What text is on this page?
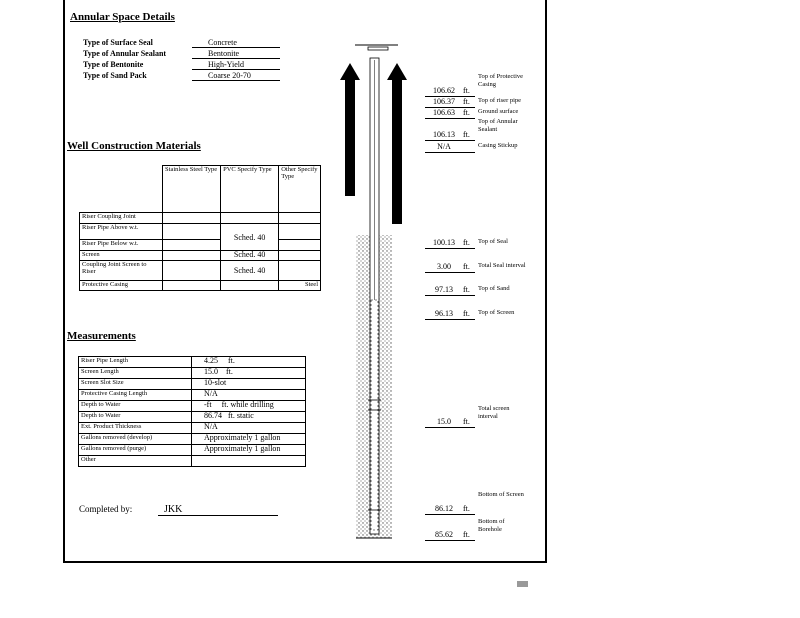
Annular Space Details
Type of Surface Seal	Concrete
Type of Annular Sealant	Bentonite
Type of Bentonite	High-Yield
Type of Sand Pack	Coarse 20-70
Well Construction Materials
	Stainless Steel Type	PVC Specify Type	Other Specify Type
Riser Coupling Joint			
Riser Pipe Above w.t.		Sched. 40	
Riser Pipe Below w.t.			
Screen		Sched. 40	
Coupling Joint Screen to Riser		Sched. 40	
Protective Casing			Steel
Measurements
Riser Pipe Length	4.25 ft.
Screen Length	15.0 ft.
Screen Slot Size	10-slot
Protective Casing Length	N/A
Depth to Water	-ft ft. while drilling
Depth to Water	86.74 ft. static
Ext. Product Thickness	N/A
Gallons removed (develop)	Approximately 1 gallon
Gallons removed (purge)	Approximately 1 gallon
Other	
Completed by:	JKK
106.62	ft.
Top of Protective Casing
106.37	ft. Top of riser pipe
106.63	ft. Ground surface
106.13	ft.
Top of Annular Sealant
N/A	Casing Stickup
100.13	ft. Top of Seal
3.00	ft. Total Seal interval
97.13	ft. Top of Sand
96.13	ft. Top of Screen
15.0	ft.
Total screen interval
86.12	ft.
Bottom of Screen
85.62	ft.
Bottom of Borehole
